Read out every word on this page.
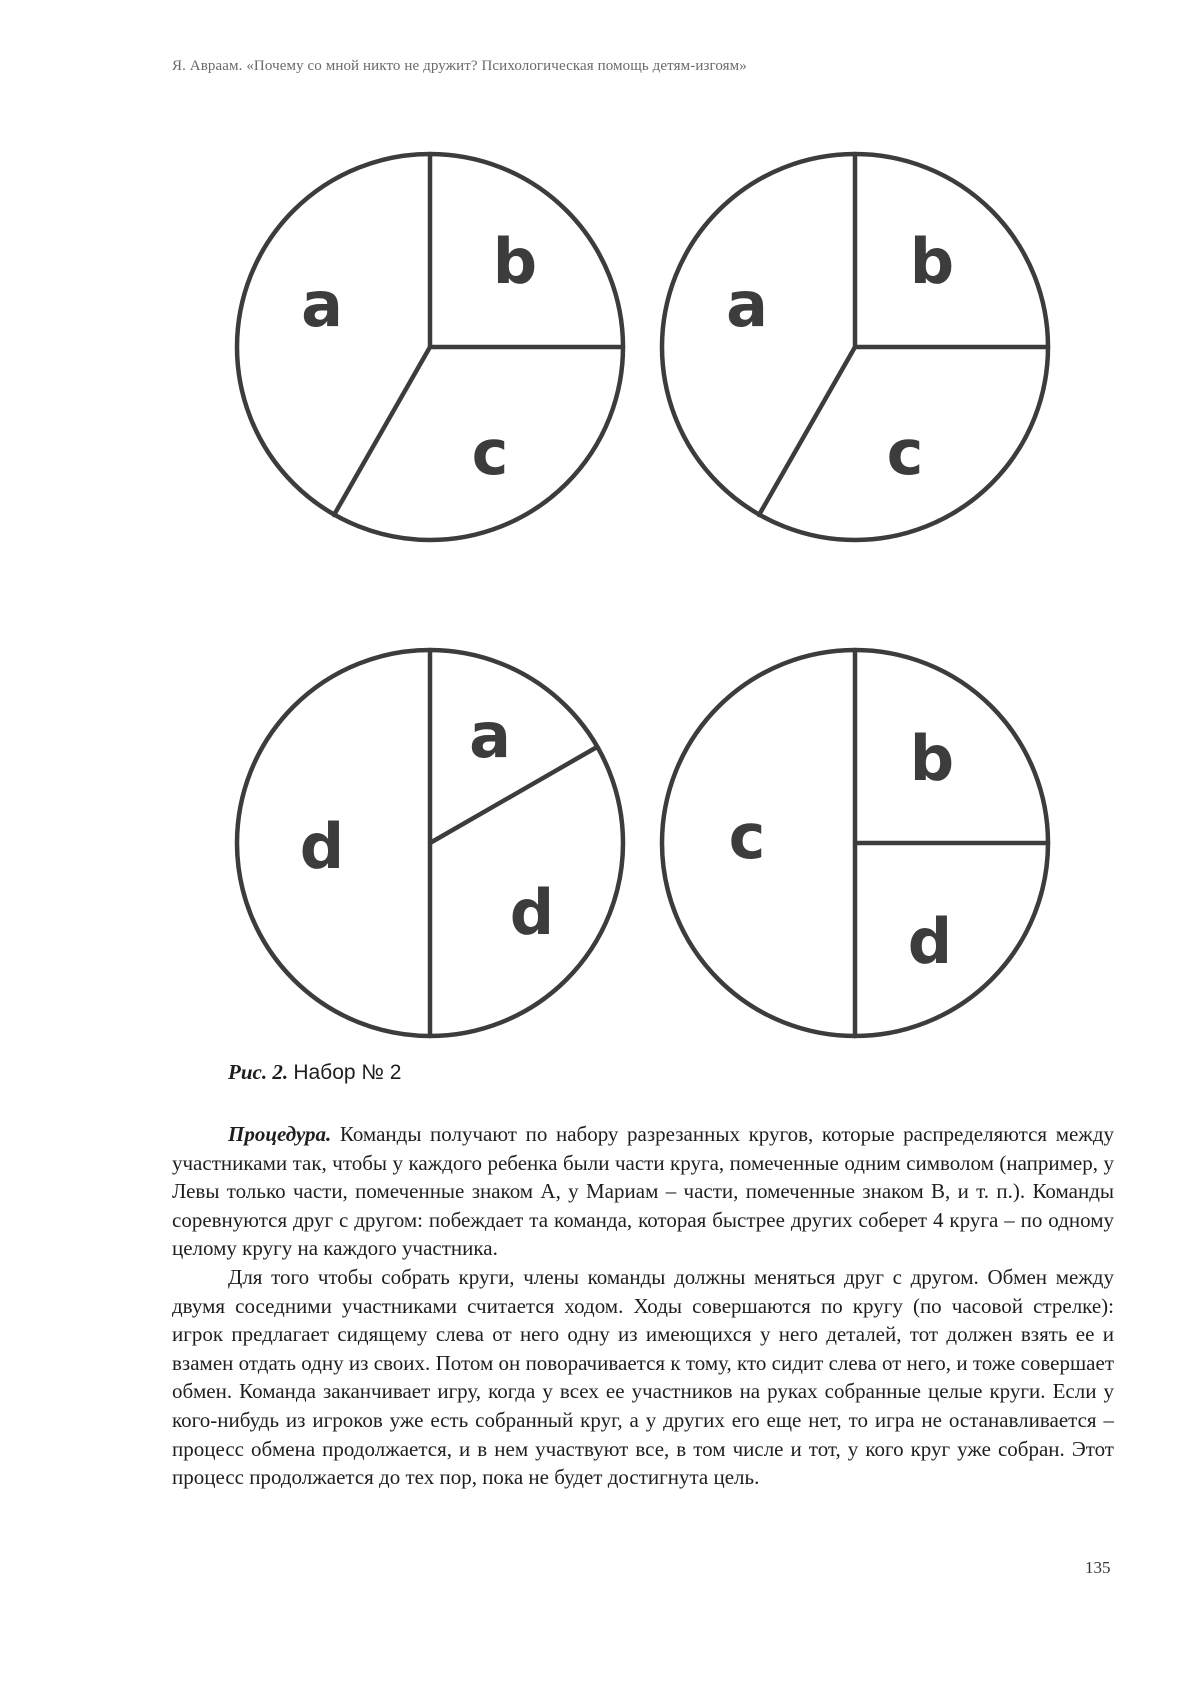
Я. Авраам. «Почему со мной никто не дружит? Психологическая помощь детям-изгоям»
a
b
c
a
b
c
d
a
d
c
b
d
Рис. 2. Набор № 2

Процедура. Команды получают по набору разрезанных кругов, которые распределяются между участниками так, чтобы у каждого ребенка были части круга, помеченные одним символом (например, у Левы только части, помеченные знаком А, у Мариам – части, помеченные знаком В, и т. п.). Команды соревнуются друг с другом: побеждает та команда, которая быстрее других соберет 4 круга – по одному целому кругу на каждого участника.

Для того чтобы собрать круги, члены команды должны меняться друг с другом. Обмен между двумя соседними участниками считается ходом. Ходы совершаются по кругу (по часовой стрелке): игрок предлагает сидящему слева от него одну из имеющихся у него деталей, тот должен взять ее и взамен отдать одну из своих. Потом он поворачивается к тому, кто сидит слева от него, и тоже совершает обмен. Команда заканчивает игру, когда у всех ее участников на руках собранные целые круги. Если у кого-нибудь из игроков уже есть собранный круг, а у других его еще нет, то игра не останавливается – процесс обмена продолжается, и в нем участвуют все, в том числе и тот, у кого круг уже собран. Этот процесс продолжается до тех пор, пока не будет достигнута цель.

135
